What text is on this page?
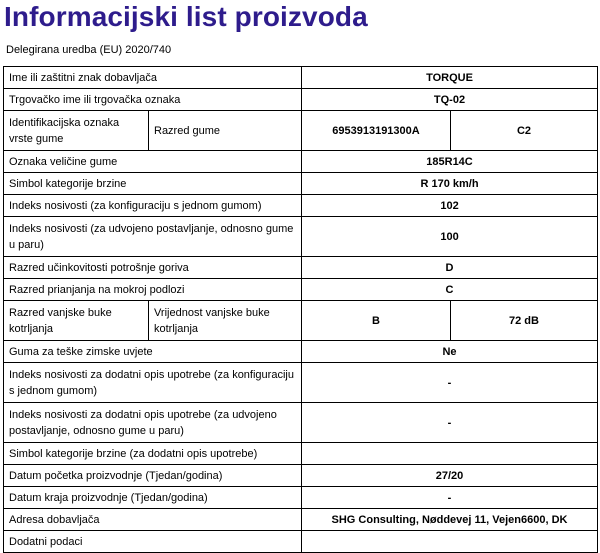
Informacijski list proizvoda
Delegirana uredba (EU) 2020/740
Ime ili zaštitni znak dobavljača		TORQUE	
Trgovačko ime ili trgovačka oznaka		TQ-02	
Identifikacijska oznaka vrste gume	Razred gume	6953913191300A	C2
Oznaka veličine gume		185R14C	
Simbol kategorije brzine		R 170 km/h	
Indeks nosivosti (za konfiguraciju s jednom gumom)		102	
Indeks nosivosti (za udvojeno postavljanje, odnosno gume u paru)		100	
Razred učinkovitosti potrošnje goriva		D	
Razred prianjanja na mokroj podlozi		C	
Razred vanjske buke kotrljanja	Vrijednost vanjske buke kotrljanja	B	72 dB
Guma za teške zimske uvjete		Ne	
Indeks nosivosti za dodatni opis upotrebe (za konfiguraciju s jednom gumom)		-	
Indeks nosivosti za dodatni opis upotrebe (za udvojeno postavljanje, odnosno gume u paru)		-	
Simbol kategorije brzine (za dodatni opis upotrebe)			
Datum početka proizvodnje (Tjedan/godina)		27/20	
Datum kraja proizvodnje (Tjedan/godina)		-	
Adresa dobavljača		SHG Consulting, Nøddevej 11, Vejen6600, DK	
Dodatni podaci			
